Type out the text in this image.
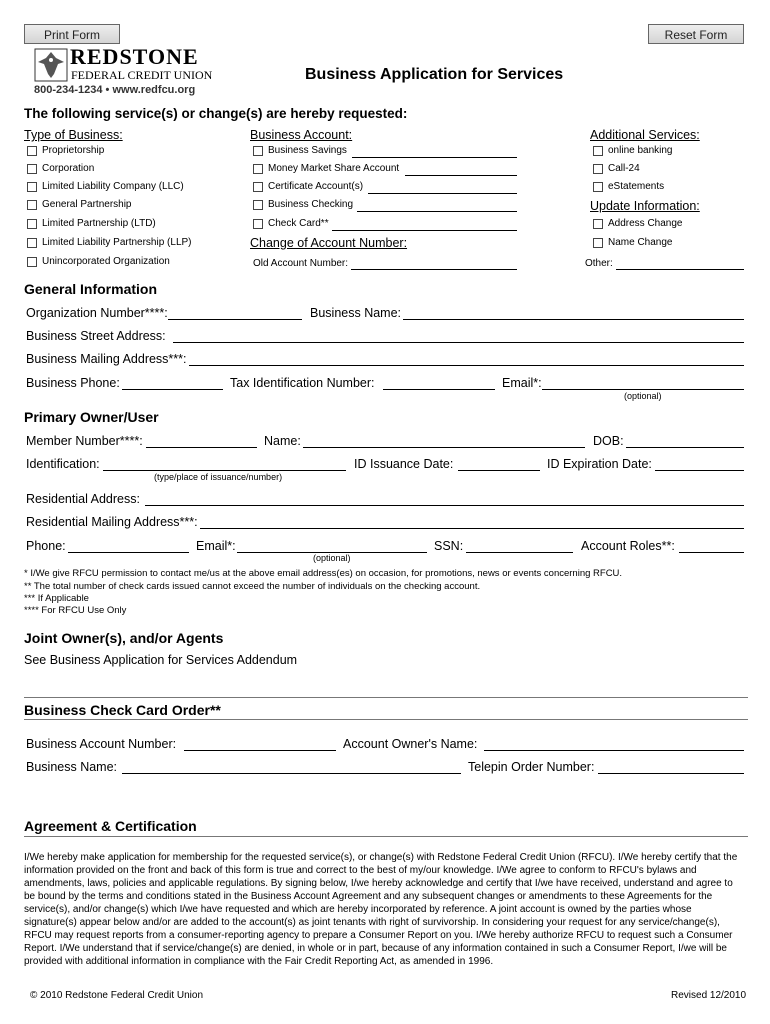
Print Form	Reset Form
REDSTONE
FEDERAL CREDIT UNION
800-234-1234 • www.redfcu.org
Business Application for Services
The following service(s) or change(s) are hereby requested:
Type of Business:	Business Account:	Additional Services:
Proprietorship
Corporation
Limited Liability Company (LLC)
General Partnership
Limited Partnership (LTD)
Limited Liability Partnership (LLP)
Unincorporated Organization
Business Savings
Money Market Share Account
Certificate Account(s)
Business Checking
Check Card**
Change of Account Number:
Old Account Number:
online banking
Call-24
eStatements
Update Information:
Address Change
Name Change
Other:
General Information
Organization Number****:	Business Name:
Business Street Address:
Business Mailing Address***:
Business Phone:	Tax Identification Number:	Email*:
(optional)
Primary Owner/User
Member Number****:	Name:	DOB:
Identification:
(type/place of issuance/number)
ID Issuance Date:	ID Expiration Date:
Residential Address:
Residential Mailing Address***:
Phone:	Email*:
(optional)
SSN:	Account Roles**:
* I/We give RFCU permission to contact me/us at the above email address(es) on occasion, for promotions, news or events concerning RFCU.
** The total number of check cards issued cannot exceed the number of individuals on the checking account.
*** If Applicable
**** For RFCU Use Only
Joint Owner(s), and/or Agents
See Business Application for Services Addendum
Business Check Card Order**
Business Account Number:	Account Owner's Name:
Business Name:	Telepin Order Number:
Agreement & Certification
I/We hereby make application for membership for the requested service(s), or change(s) with Redstone Federal Credit Union (RFCU). I/We hereby certify that the information provided on the front and back of this form is true and correct to the best of my/our knowledge. I/We agree to conform to RFCU's bylaws and amendments, laws, policies and applicable regulations. By signing below, I/we hereby acknowledge and certify that I/we have received, understand and agree to be bound by the terms and conditions stated in the Business Account Agreement and any subsequent changes or amendments to these Agreements for the service(s), and/or change(s) which I/we have requested and which are hereby incorporated by reference. A joint account is owned by the parties whose signature(s) appear below and/or are added to the account(s) as joint tenants with right of survivorship. In considering your request for any service/change(s), RFCU may request reports from a consumer-reporting agency to prepare a Consumer Report on you. I/We hereby authorize RFCU to request such a Consumer Report. I/We understand that if service/change(s) are denied, in whole or in part, because of any information contained in such a Consumer Report, I/we will be provided with additional information in compliance with the Fair Credit Reporting Act, as amended in 1996.
© 2010 Redstone Federal Credit Union	Revised 12/2010
